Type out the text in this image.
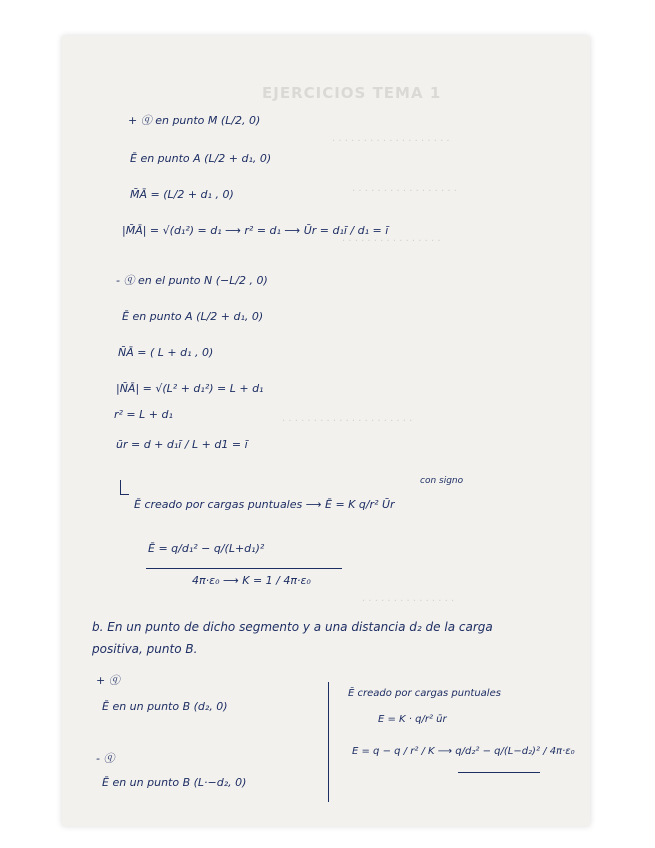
EJERCICIOS TEMA 1
· · · · · · · · · · · · · · · · · · ·
· · · · · · · · · · · · · · · · ·
· · · · · · · · · · · · · · · ·
· · · · · · · · · · · · · · · · · · · · ·
· · · · · · · · · · · · · · ·
+ ⓠ en punto M (L/2, 0)
Ē en punto A (L/2 + d₁, 0)
M̄Ā = (L/2 + d₁ , 0)
|M̄Ā| = √(d₁²) = d₁ ⟶ r² = d₁ ⟶ Ūr = d₁ī / d₁ = ī
- ⓠ en el punto N (−L/2 , 0)
Ē en punto A (L/2 + d₁, 0)
N̄Ā = ( L + d₁ , 0)
|N̄Ā| = √(L² + d₁²) = L + d₁
r² = L + d₁
ūr = d + d₁ī / L + d1 = ī
Ē creado por cargas puntuales ⟶ Ē = K q/r² Ūr
con signo
Ē = q/d₁² − q/(L+d₁)²
4π·ε₀ ⟶ K = 1 / 4π·ε₀
b. En un punto de dicho segmento y a una distancia d₂ de la carga
positiva, punto B.
+ ⓠ
Ē en un punto B (d₂, 0)
- ⓠ
Ē en un punto B (L·−d₂, 0)
Ē creado por cargas puntuales
E = K · q/r² ūr
E = q − q / r² / K ⟶ q/d₂² − q/(L−d₂)² / 4π·ε₀
